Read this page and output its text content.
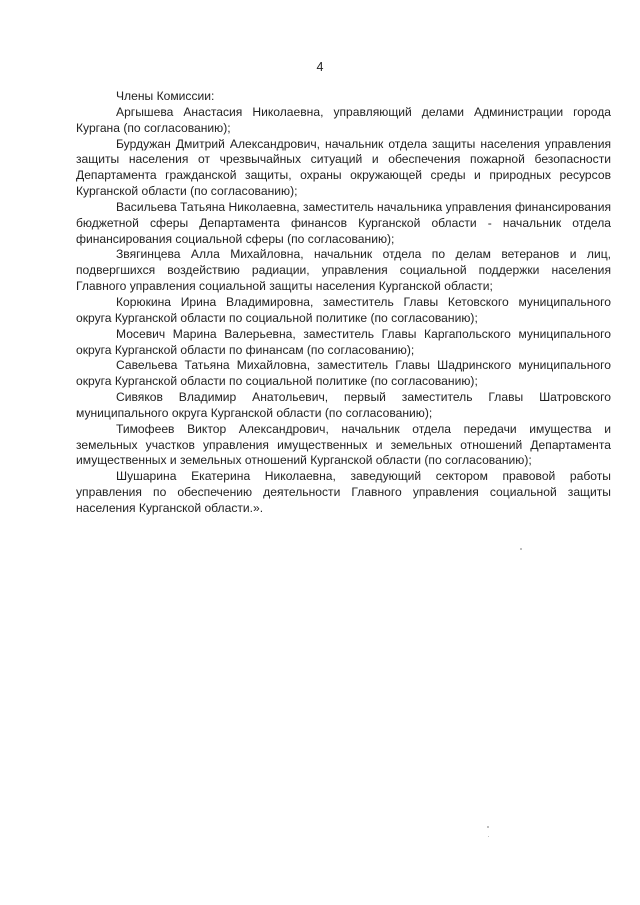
4

Члены Комиссии:

Аргышева Анастасия Николаевна, управляющий делами Администрации города Кургана (по согласованию);

Бурдужан Дмитрий Александрович, начальник отдела защиты населения управления защиты населения от чрезвычайных ситуаций и обеспечения пожарной безопасности Департамента гражданской защиты, охраны окружающей среды и природных ресурсов Курганской области (по согласованию);

Васильева Татьяна Николаевна, заместитель начальника управления финансирования бюджетной сферы Департамента финансов Курганской области - начальник отдела финансирования социальной сферы (по согласованию);

Звягинцева Алла Михайловна, начальник отдела по делам ветеранов и лиц, подвергшихся воздействию радиации, управления социальной поддержки населения Главного управления социальной защиты населения Курганской области;

Корюкина Ирина Владимировна, заместитель Главы Кетовского муниципального округа Курганской области по социальной политике (по согласованию);

Мосевич Марина Валерьевна, заместитель Главы Каргапольского муниципального округа Курганской области по финансам (по согласованию);

Савельева Татьяна Михайловна, заместитель Главы Шадринского муниципального округа Курганской области по социальной политике (по согласованию);

Сивяков Владимир Анатольевич, первый заместитель Главы Шатровского муниципального округа Курганской области (по согласованию);

Тимофеев Виктор Александрович, начальник отдела передачи имущества и земельных участков управления имущественных и земельных отношений Департамента имущественных и земельных отношений Курганской области (по согласованию);

Шушарина Екатерина Николаевна, заведующий сектором правовой работы управления по обеспечению деятельности Главного управления социальной защиты населения Курганской области.».
